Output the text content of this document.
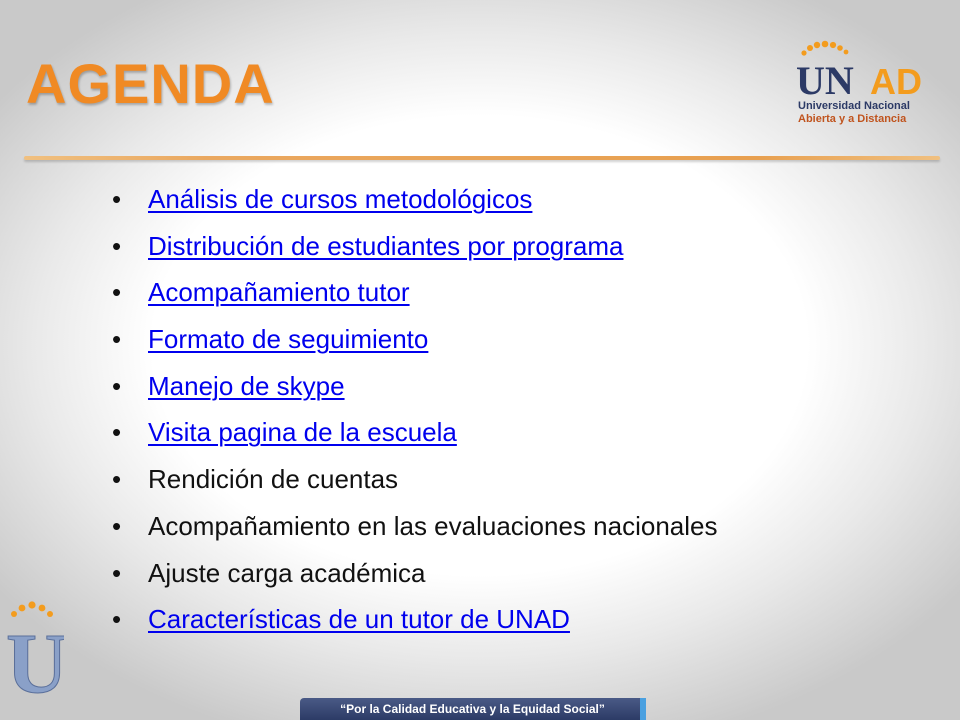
AGENDA	UN AD
Universidad Nacional
Abierta y a Distancia
• Análisis de cursos metodológicos
• Distribución de estudiantes por programa
• Acompañamiento tutor
• Formato de seguimiento
• Manejo de skype
• Visita pagina de la escuela
• Rendición de cuentas
• Acompañamiento en las evaluaciones nacionales
• Ajuste carga académica
• Características de un tutor de UNAD
U	“Por la Calidad Educativa y la Equidad Social”
